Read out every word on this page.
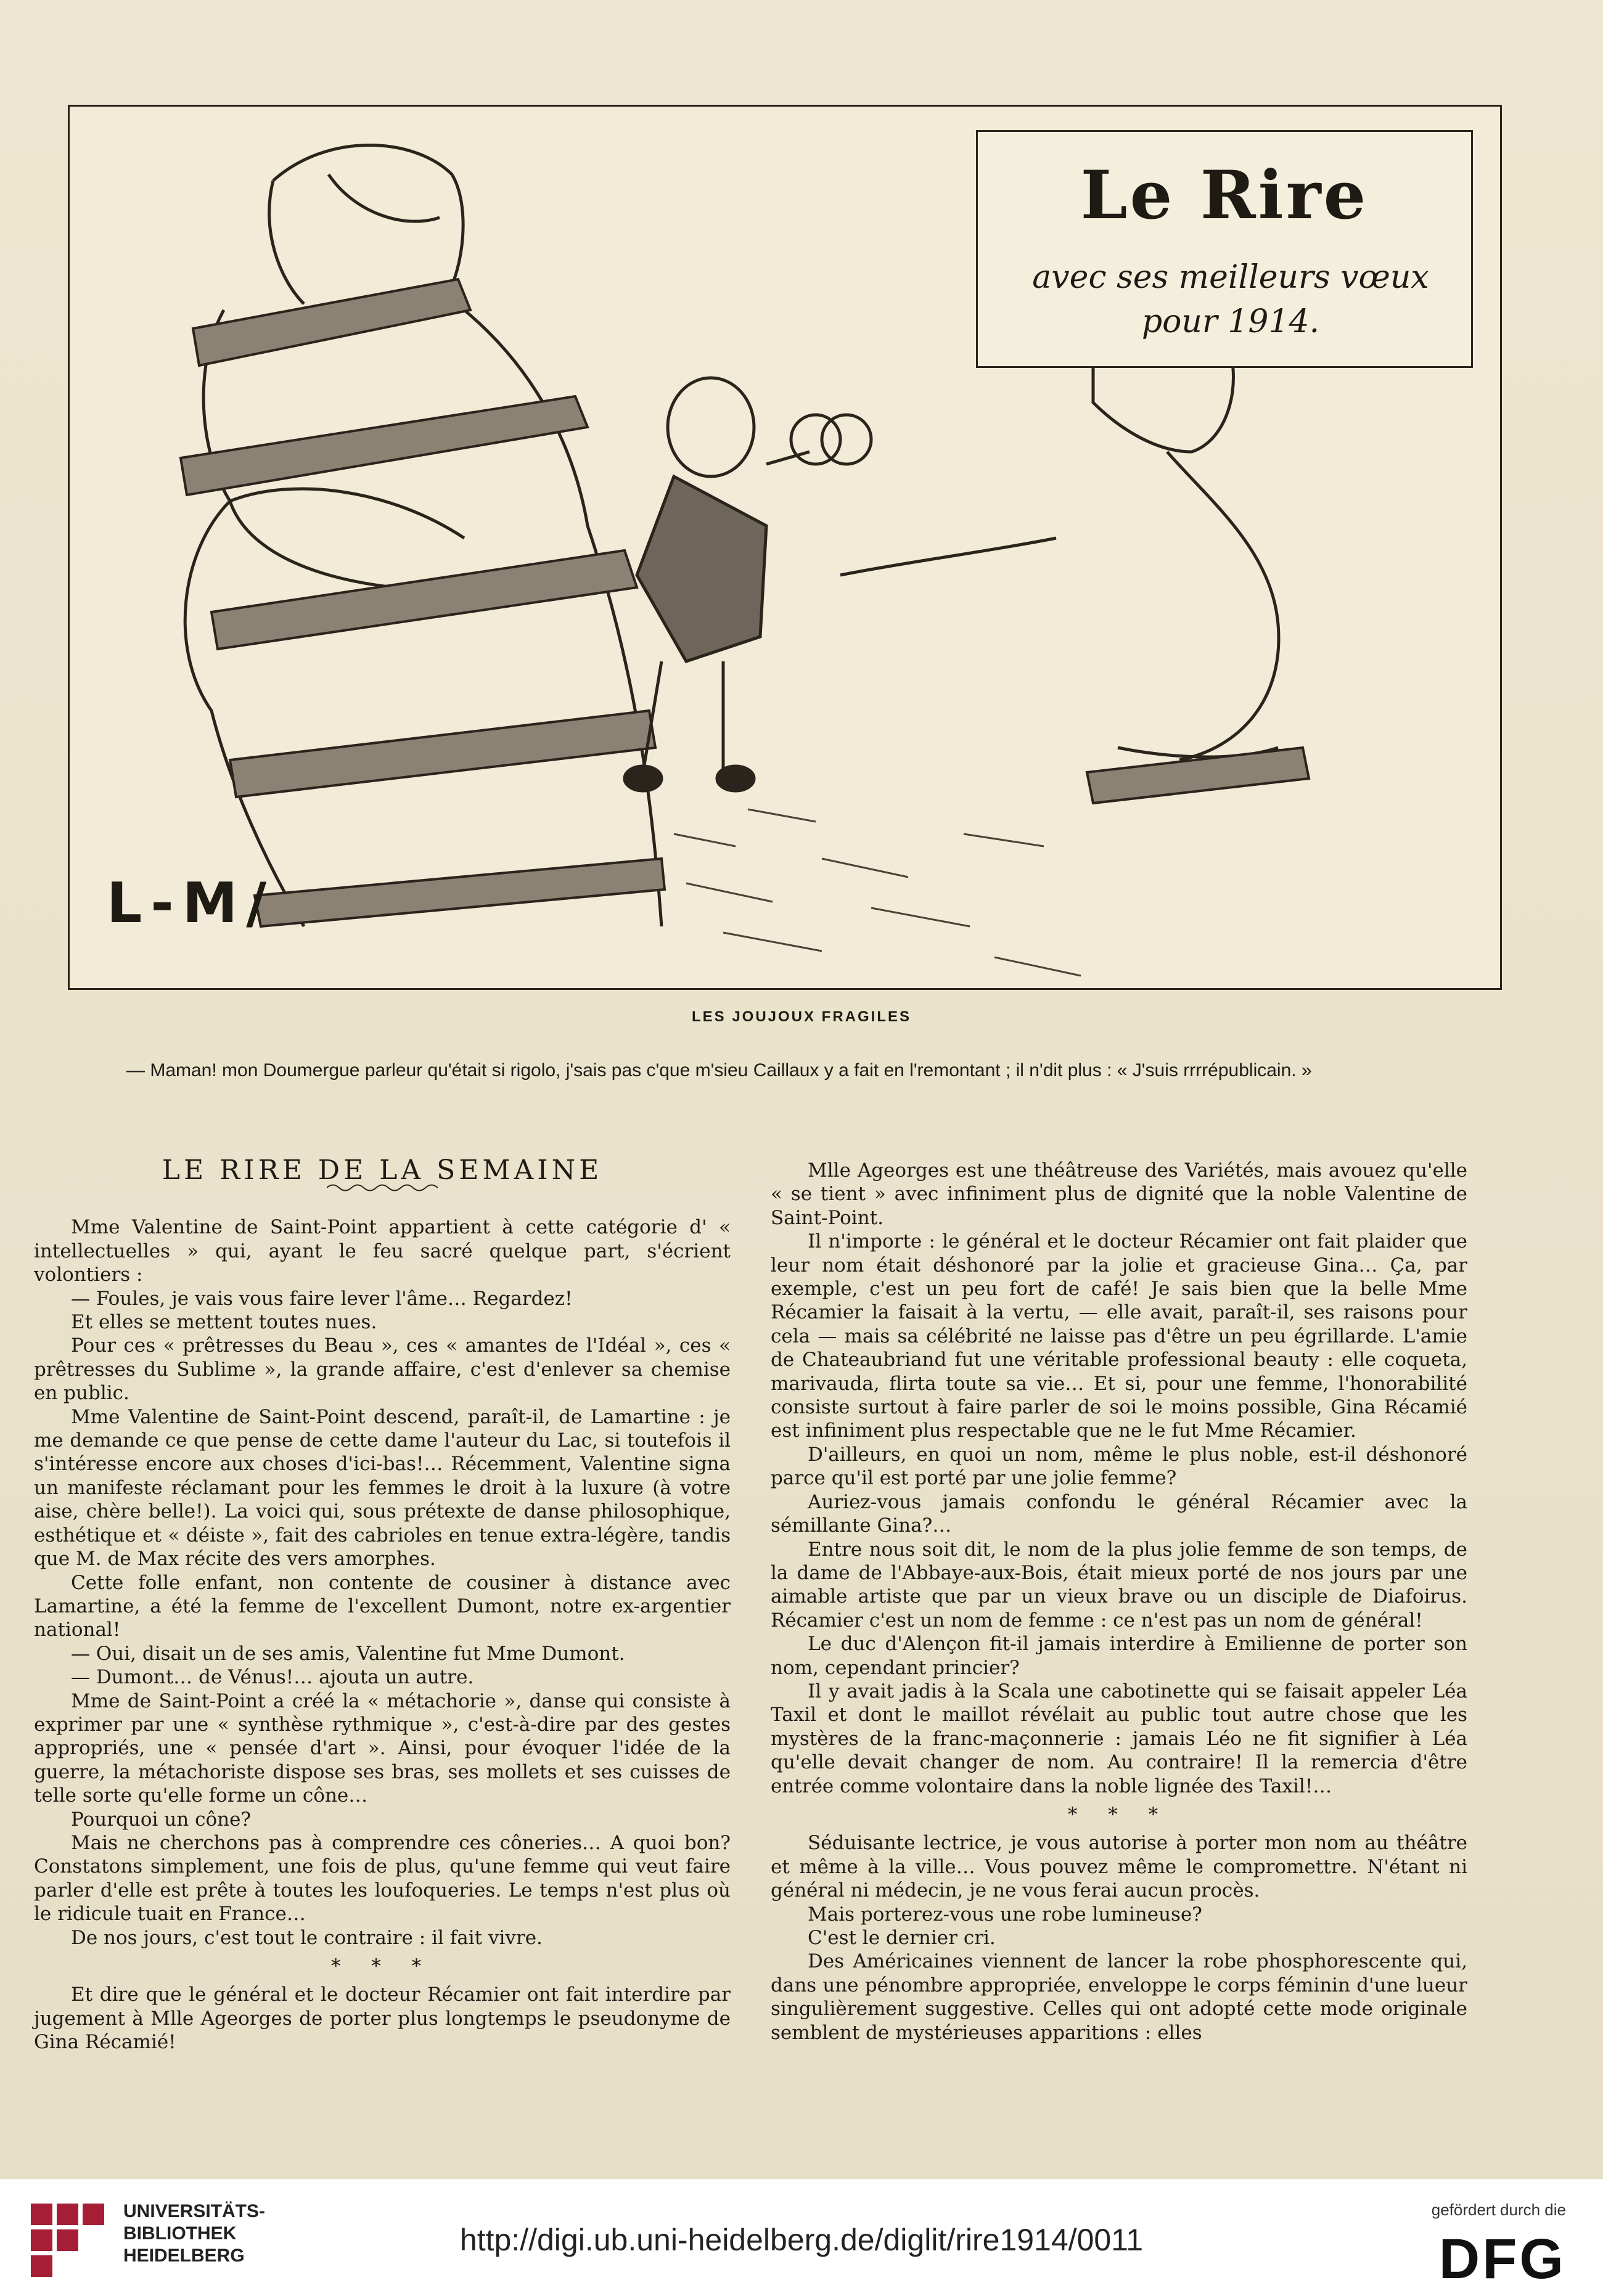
Le Rire
avec ses meilleurs vœux
pour 1914.
L-M/
LES JOUJOUX FRAGILES
— Maman! mon Doumergue parleur qu'était si rigolo, j'sais pas c'que m'sieu Caillaux y a fait en l'remontant ; il n'dit plus : « J'suis rrrrépublicain. »

LE RIRE DE LA SEMAINE

Mme Valentine de Saint-Point appartient à cette catégorie d' « intellectuelles » qui, ayant le feu sacré quelque part, s'écrient volontiers :

— Foules, je vais vous faire lever l'âme… Regardez!

Et elles se mettent toutes nues.

Pour ces « prêtresses du Beau », ces « amantes de l'Idéal », ces « prêtresses du Sublime », la grande affaire, c'est d'enlever sa chemise en public.

Mme Valentine de Saint-Point descend, paraît-il, de Lamartine : je me demande ce que pense de cette dame l'auteur du Lac, si toutefois il s'intéresse encore aux choses d'ici-bas!… Récemment, Valentine signa un manifeste réclamant pour les femmes le droit à la luxure (à votre aise, chère belle!). La voici qui, sous prétexte de danse philosophique, esthétique et « déiste », fait des cabrioles en tenue extra-légère, tandis que M. de Max récite des vers amorphes.

Cette folle enfant, non contente de cousiner à distance avec Lamartine, a été la femme de l'excellent Dumont, notre ex-argentier national!

— Oui, disait un de ses amis, Valentine fut Mme Dumont.

— Dumont… de Vénus!… ajouta un autre.

Mme de Saint-Point a créé la « métachorie », danse qui consiste à exprimer par une « synthèse rythmique », c'est-à-dire par des gestes appropriés, une « pensée d'art ». Ainsi, pour évoquer l'idée de la guerre, la métachoriste dispose ses bras, ses mollets et ses cuisses de telle sorte qu'elle forme un cône…

Pourquoi un cône?

Mais ne cherchons pas à comprendre ces côneries… A quoi bon? Constatons simplement, une fois de plus, qu'une femme qui veut faire parler d'elle est prête à toutes les loufoqueries. Le temps n'est plus où le ridicule tuait en France…

De nos jours, c'est tout le contraire : il fait vivre.

* * *

Et dire que le général et le docteur Récamier ont fait interdire par jugement à Mlle Ageorges de porter plus longtemps le pseudonyme de Gina Récamié!

Mlle Ageorges est une théâtreuse des Variétés, mais avouez qu'elle « se tient » avec infiniment plus de dignité que la noble Valentine de Saint-Point.

Il n'importe : le général et le docteur Récamier ont fait plaider que leur nom était déshonoré par la jolie et gracieuse Gina… Ça, par exemple, c'est un peu fort de café! Je sais bien que la belle Mme Récamier la faisait à la vertu, — elle avait, paraît-il, ses raisons pour cela — mais sa célébrité ne laisse pas d'être un peu égrillarde. L'amie de Chateaubriand fut une véritable professional beauty : elle coqueta, marivauda, flirta toute sa vie… Et si, pour une femme, l'honorabilité consiste surtout à faire parler de soi le moins possible, Gina Récamié est infiniment plus respectable que ne le fut Mme Récamier.

D'ailleurs, en quoi un nom, même le plus noble, est-il déshonoré parce qu'il est porté par une jolie femme?

Auriez-vous jamais confondu le général Récamier avec la sémillante Gina?…

Entre nous soit dit, le nom de la plus jolie femme de son temps, de la dame de l'Abbaye-aux-Bois, était mieux porté de nos jours par une aimable artiste que par un vieux brave ou un disciple de Diafoirus. Récamier c'est un nom de femme : ce n'est pas un nom de général!

Le duc d'Alençon fit-il jamais interdire à Emilienne de porter son nom, cependant princier?

Il y avait jadis à la Scala une cabotinette qui se faisait appeler Léa Taxil et dont le maillot révélait au public tout autre chose que les mystères de la franc-maçonnerie : jamais Léo ne fit signifier à Léa qu'elle devait changer de nom. Au contraire! Il la remercia d'être entrée comme volontaire dans la noble lignée des Taxil!…

* * *

Séduisante lectrice, je vous autorise à porter mon nom au théâtre et même à la ville… Vous pouvez même le compromettre. N'étant ni général ni médecin, je ne vous ferai aucun procès.

Mais porterez-vous une robe lumineuse?

C'est le dernier cri.

Des Américaines viennent de lancer la robe phosphorescente qui, dans une pénombre appropriée, enveloppe le corps féminin d'une lueur singulièrement suggestive. Celles qui ont adopté cette mode originale semblent de mystérieuses apparitions : elles

UNIVERSITÄTS-
BIBLIOTHEK
HEIDELBERG	http://digi.ub.uni-heidelberg.de/diglit/rire1914/0011
gefördert durch die
DFG
